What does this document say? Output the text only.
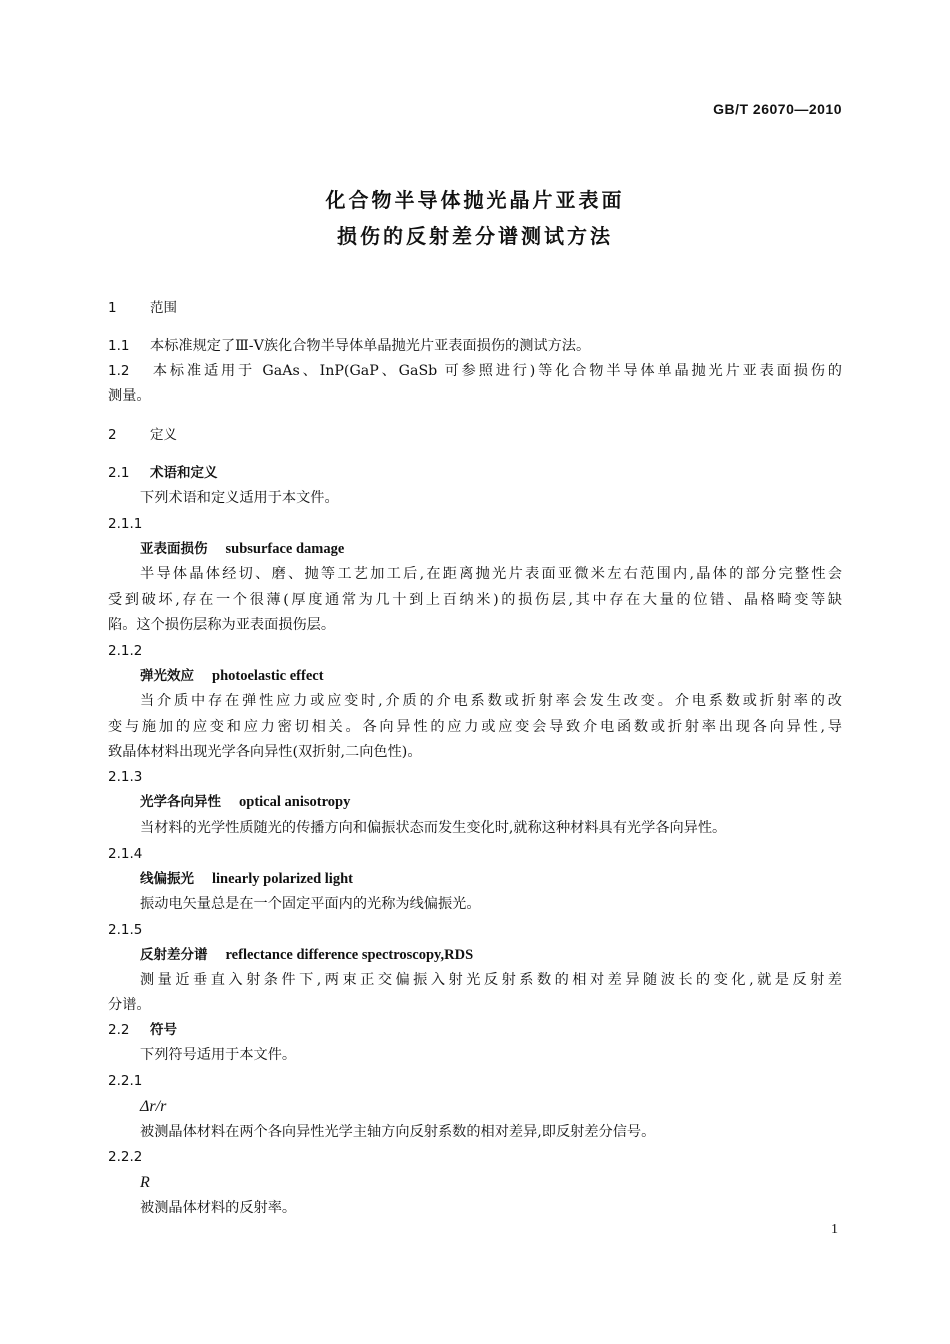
GB/T 26070—2010
化合物半导体抛光晶片亚表面
损伤的反射差分谱测试方法
1 范围
1.1 本标准规定了Ⅲ-Ⅴ族化合物半导体单晶抛光片亚表面损伤的测试方法。
1.2 本标准适用于 GaAs、InP(GaP、GaSb 可参照进行)等化合物半导体单晶抛光片亚表面损伤的
测量。
2 定义
2.1 术语和定义
下列术语和定义适用于本文件。
2.1.1
亚表面损伤 subsurface damage
半导体晶体经切、磨、抛等工艺加工后,在距离抛光片表面亚微米左右范围内,晶体的部分完整性会
受到破坏,存在一个很薄(厚度通常为几十到上百纳米)的损伤层,其中存在大量的位错、晶格畸变等缺
陷。这个损伤层称为亚表面损伤层。
2.1.2
弹光效应 photoelastic effect
当介质中存在弹性应力或应变时,介质的介电系数或折射率会发生改变。介电系数或折射率的改
变与施加的应变和应力密切相关。各向异性的应力或应变会导致介电函数或折射率出现各向异性,导
致晶体材料出现光学各向异性(双折射,二向色性)。
2.1.3
光学各向异性 optical anisotropy
当材料的光学性质随光的传播方向和偏振状态而发生变化时,就称这种材料具有光学各向异性。
2.1.4
线偏振光 linearly polarized light
振动电矢量总是在一个固定平面内的光称为线偏振光。
2.1.5
反射差分谱 reflectance difference spectroscopy,RDS
测量近垂直入射条件下,两束正交偏振入射光反射系数的相对差异随波长的变化,就是反射差
分谱。
2.2 符号
下列符号适用于本文件。
2.2.1
Δr/r
被测晶体材料在两个各向异性光学主轴方向反射系数的相对差异,即反射差分信号。
2.2.2
R
被测晶体材料的反射率。
1
